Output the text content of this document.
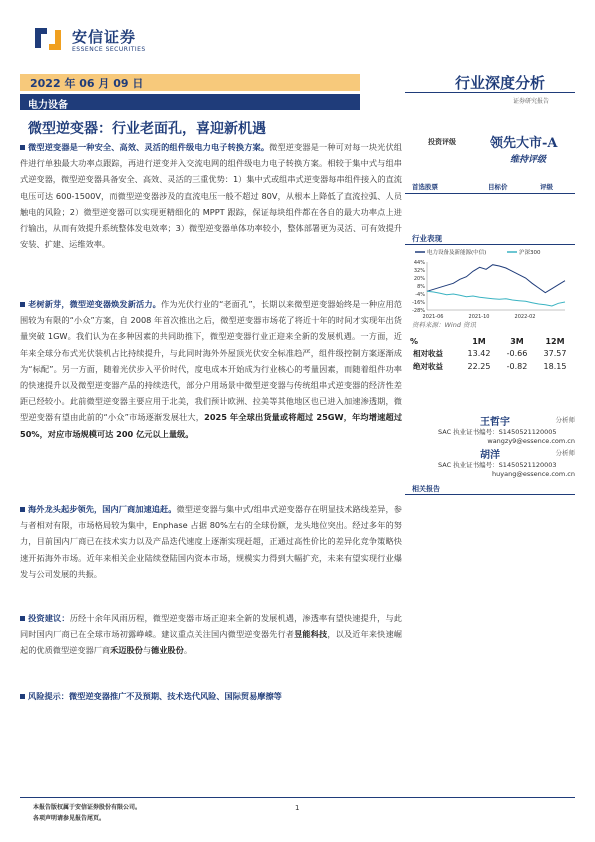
安信证券
ESSENCE SECURITIES
2022 年 06 月 09 日
电力设备
行业深度分析
证券研究报告
微型逆变器：行业老面孔，喜迎新机遇
微型逆变器是一种安全、高效、灵活的组件级电力电子转换方案。微型逆变器是一种可对每一块光伏组件进行单独最大功率点跟踪，再进行逆变并入交流电网的组件级电力电子转换方案。相较于集中式与组串式逆变器，微型逆变器具备安全、高效、灵活的三重优势：1）集中式或组串式逆变器每串组件接入的直流电压可达 600-1500V，而微型逆变器涉及的直流电压一般不超过 80V，从根本上降低了直流拉弧、人员触电的风险；2）微型逆变器可以实现更精细化的 MPPT 跟踪，保证每块组件都在各自的最大功率点上进行输出，从而有效提升系统整体发电效率；3）微型逆变器单体功率较小，整体部署更为灵活、可有效提升安装、扩建、运维效率。
老树新芽，微型逆变器焕发新活力。作为光伏行业的“老面孔”，长期以来微型逆变器始终是一种应用范围较为有限的“小众”方案，自 2008 年首次推出之后，微型逆变器市场花了将近十年的时间才实现年出货量突破 1GW。我们认为在多种因素的共同助推下，微型逆变器行业正迎来全新的发展机遇。一方面，近年来全球分布式光伏装机占比持续提升，与此同时海外外屋顶光伏安全标准趋严，组件级控制方案逐渐成为“标配”。另一方面，随着光伏步入平价时代，度电成本开始成为行业核心的考量因素，而随着组件功率的快速提升以及微型逆变器产品的持续迭代，部分户用场景中微型逆变器与传统组串式逆变器的经济性差距已经较小。此前微型逆变器主要应用于北美，我们预计欧洲、拉美等其他地区也已进入加速渗透期，微型逆变器有望由此前的“小众”市场逐渐发展壮大，2025 年全球出货量或将超过 25GW，年均增速超过 50%，对应市场规模可达 200 亿元以上量级。
海外龙头起步领先，国内厂商加速追赶。微型逆变器与集中式/组串式逆变器存在明显技术路线差异，参与者相对有限，市场格局较为集中，Enphase 占据 80%左右的全球份额，龙头地位突出。经过多年的努力，目前国内厂商已在技术实力以及产品迭代速度上逐渐实现赶超，正通过高性价比的差异化竞争策略快速开拓海外市场。近年来相关企业陆续登陆国内资本市场，规模实力得到大幅扩充，未来有望实现行业爆发与公司发展的共振。
投资建议：历经十余年风雨历程，微型逆变器市场正迎来全新的发展机遇，渗透率有望快速提升，与此同时国内厂商已在全球市场初露峥嵘。建议重点关注国内微型逆变器先行者昱能科技，以及近年来快速崛起的优质微型逆变器厂商禾迈股份与德业股份。
风险提示：微型逆变器推广不及预期、技术迭代风险、国际贸易摩擦等
投资评级	领先大市-A
维持评级
首选股票	目标价	评级
行业表现
电力设备及新能源(中信)	沪深300
44%
32%
20%
8%
-4%
-16%
-28%
2021-06	2021-10	2022-02
资料来源：Wind 资讯
%	1M	3M	12M
相对收益	13.42	-0.66	37.57
绝对收益	22.25	-0.82	18.15
王哲宇	分析师
SAC 执业证书编号：S1450521120005
wangzy9@essence.com.cn
胡洋	分析师
SAC 执业证书编号：S1450521120003
huyang@essence.com.cn
相关报告
本报告版权属于安信证券股份有限公司。
各项声明请参见报告尾页。
1
